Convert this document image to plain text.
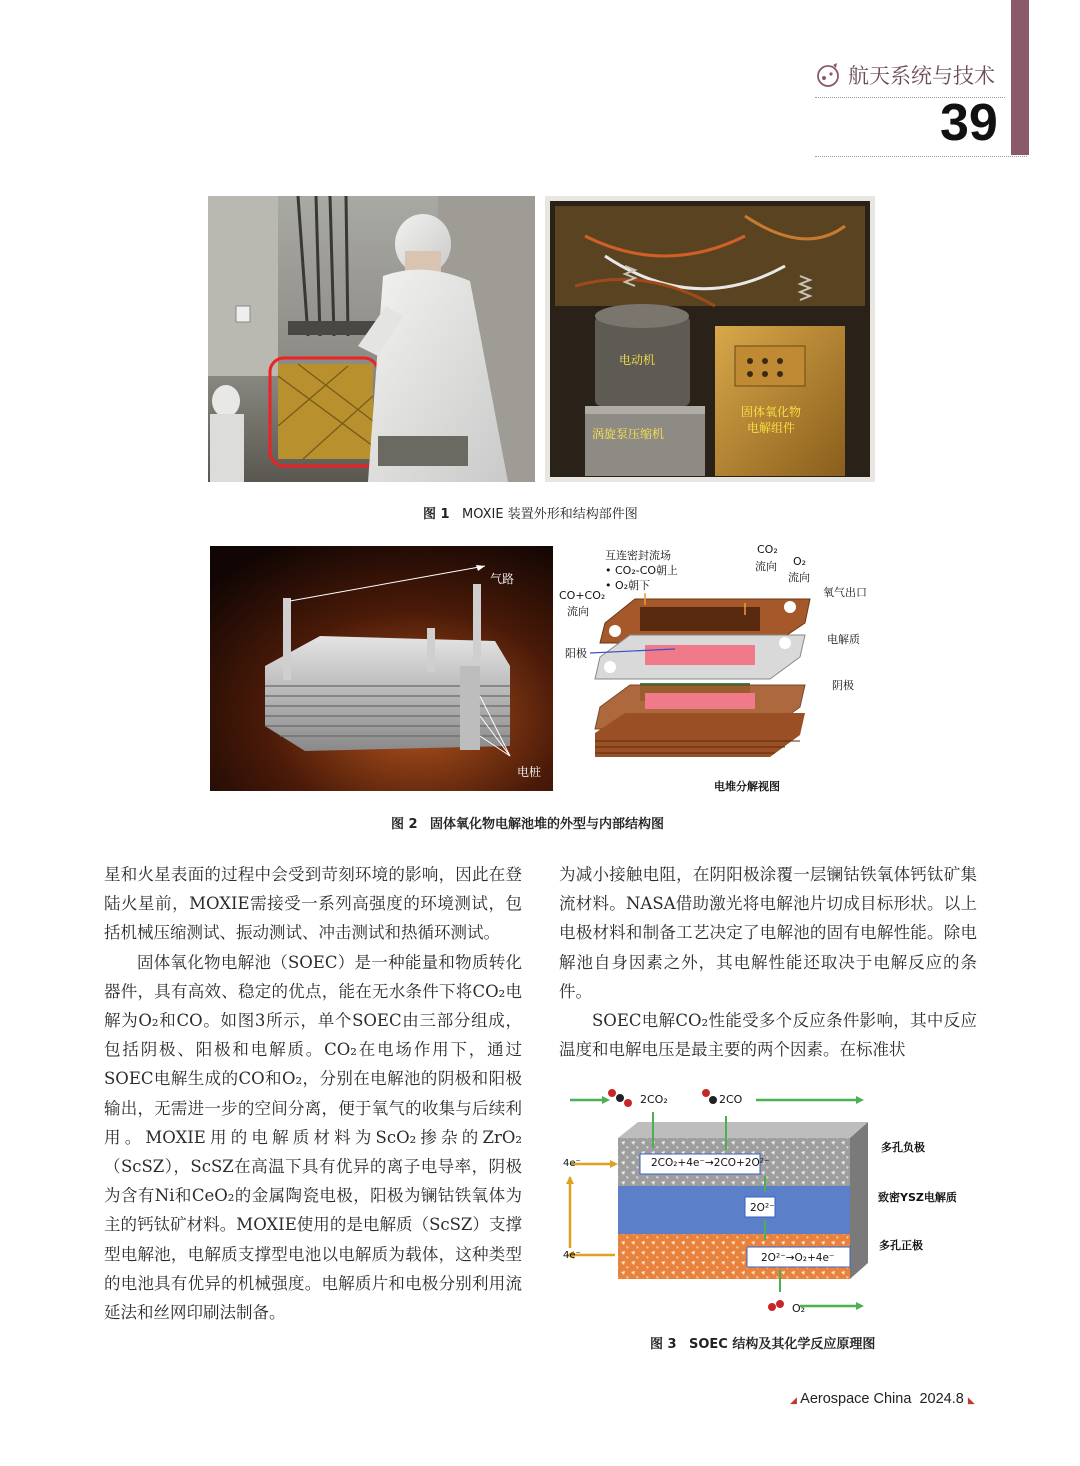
航天系统与技术
39
电动机
涡旋泵压缩机
固体氧化物
电解组件
图 1 MOXIE 装置外形和结构部件图
气路
电桩
互连密封流场
• CO₂-CO朝上
• O₂朝下
CO+CO₂
流向
CO₂
流向 O₂
流向
氧气出口
阳极
电解质
阴极
电堆分解视图
图 2 固体氧化物电解池堆的外型与内部结构图

星和火星表面的过程中会受到苛刻环境的影响，因此在登陆火星前，MOXIE需接受一系列高强度的环境测试，包括机械压缩测试、振动测试、冲击测试和热循环测试。

固体氧化物电解池（SOEC）是一种能量和物质转化器件，具有高效、稳定的优点，能在无水条件下将CO₂电解为O₂和CO。如图3所示，单个SOEC由三部分组成，包括阴极、阳极和电解质。CO₂在电场作用下，通过SOEC电解生成的CO和O₂，分别在电解池的阴极和阳极输出，无需进一步的空间分离，便于氧气的收集与后续利用。MOXIE用的电解质材料为ScO₂掺杂的ZrO₂（ScSZ），ScSZ在高温下具有优异的离子电导率，阴极为含有Ni和CeO₂的金属陶瓷电极，阳极为镧钴铁氧体为主的钙钛矿材料。MOXIE使用的是电解质（ScSZ）支撑型电解池，电解质支撑型电池以电解质为载体，这种类型的电池具有优异的机械强度。电解质片和电极分别利用流延法和丝网印刷法制备。

为减小接触电阻，在阴阳极涂覆一层镧钴铁氧体钙钛矿集流材料。NASA借助激光将电解池片切成目标形状。以上电极材料和制备工艺决定了电解池的固有电解性能。除电解池自身因素之外，其电解性能还取决于电解反应的条件。

SOEC电解CO₂性能受多个反应条件影响，其中反应温度和电解电压是最主要的两个因素。在标准状

2CO₂	2CO
多孔负极
致密YSZ电解质
多孔正极
4e⁻
4e⁻
2CO₂+4e⁻→2CO+2O²⁻
2O²⁻
2O²⁻→O₂+4e⁻
O₂
图 3 SOEC 结构及其化学反应原理图
◢ Aerospace China 2024.8 ◣
